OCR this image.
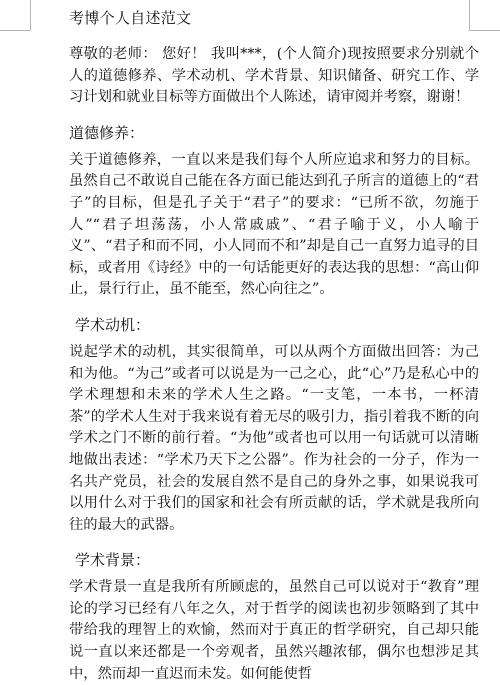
考博个人自述范文

尊敬的老师： 您好！ 我叫***，(个人简介)现按照要求分别就个人的道德修养、学术动机、学术背景、知识储备、研究工作、学习计划和就业目标等方面做出个人陈述，请审阅并考察，谢谢！

道德修养：

关于道德修养，一直以来是我们每个人所应追求和努力的目标。虽然自己不敢说自己能在各方面已能达到孔子所言的道德上的“君子”的目标，但是孔子关于“君子”的要求：“已所不欲，勿施于人”“君子坦荡荡，小人常戚戚”、“君子喻于义，小人喻于义”、“君子和而不同，小人同而不和”却是自己一直努力追寻的目标，或者用《诗经》中的一句话能更好的表达我的思想：“高山仰止，景行行止，虽不能至，然心向往之”。

学术动机：

说起学术的动机，其实很简单，可以从两个方面做出回答：为己和为他。“为己”或者可以说是为一己之心，此“心”乃是私心中的学术理想和未来的学术人生之路。“一支笔，一本书，一杯清茶”的学术人生对于我来说有着无尽的吸引力，指引着我不断的向学术之门不断的前行着。“为他”或者也可以用一句话就可以清晰地做出表述：“学术乃天下之公器”。作为社会的一分子，作为一名共产党员，社会的发展自然不是自己的身外之事，如果说我可以用什么对于我们的国家和社会有所贡献的话，学术就是我所向往的最大的武器。

学术背景：

学术背景一直是我所有所顾虑的，虽然自己可以说对于“教育”理论的学习已经有八年之久，对于哲学的阅读也初步领略到了其中带给我的理智上的欢愉，然而对于真正的哲学研究，自己却只能说一直以来还都是一个旁观者，虽然兴趣浓郁，偶尔也想涉足其中，然而却一直迟而未发。如何能使哲
